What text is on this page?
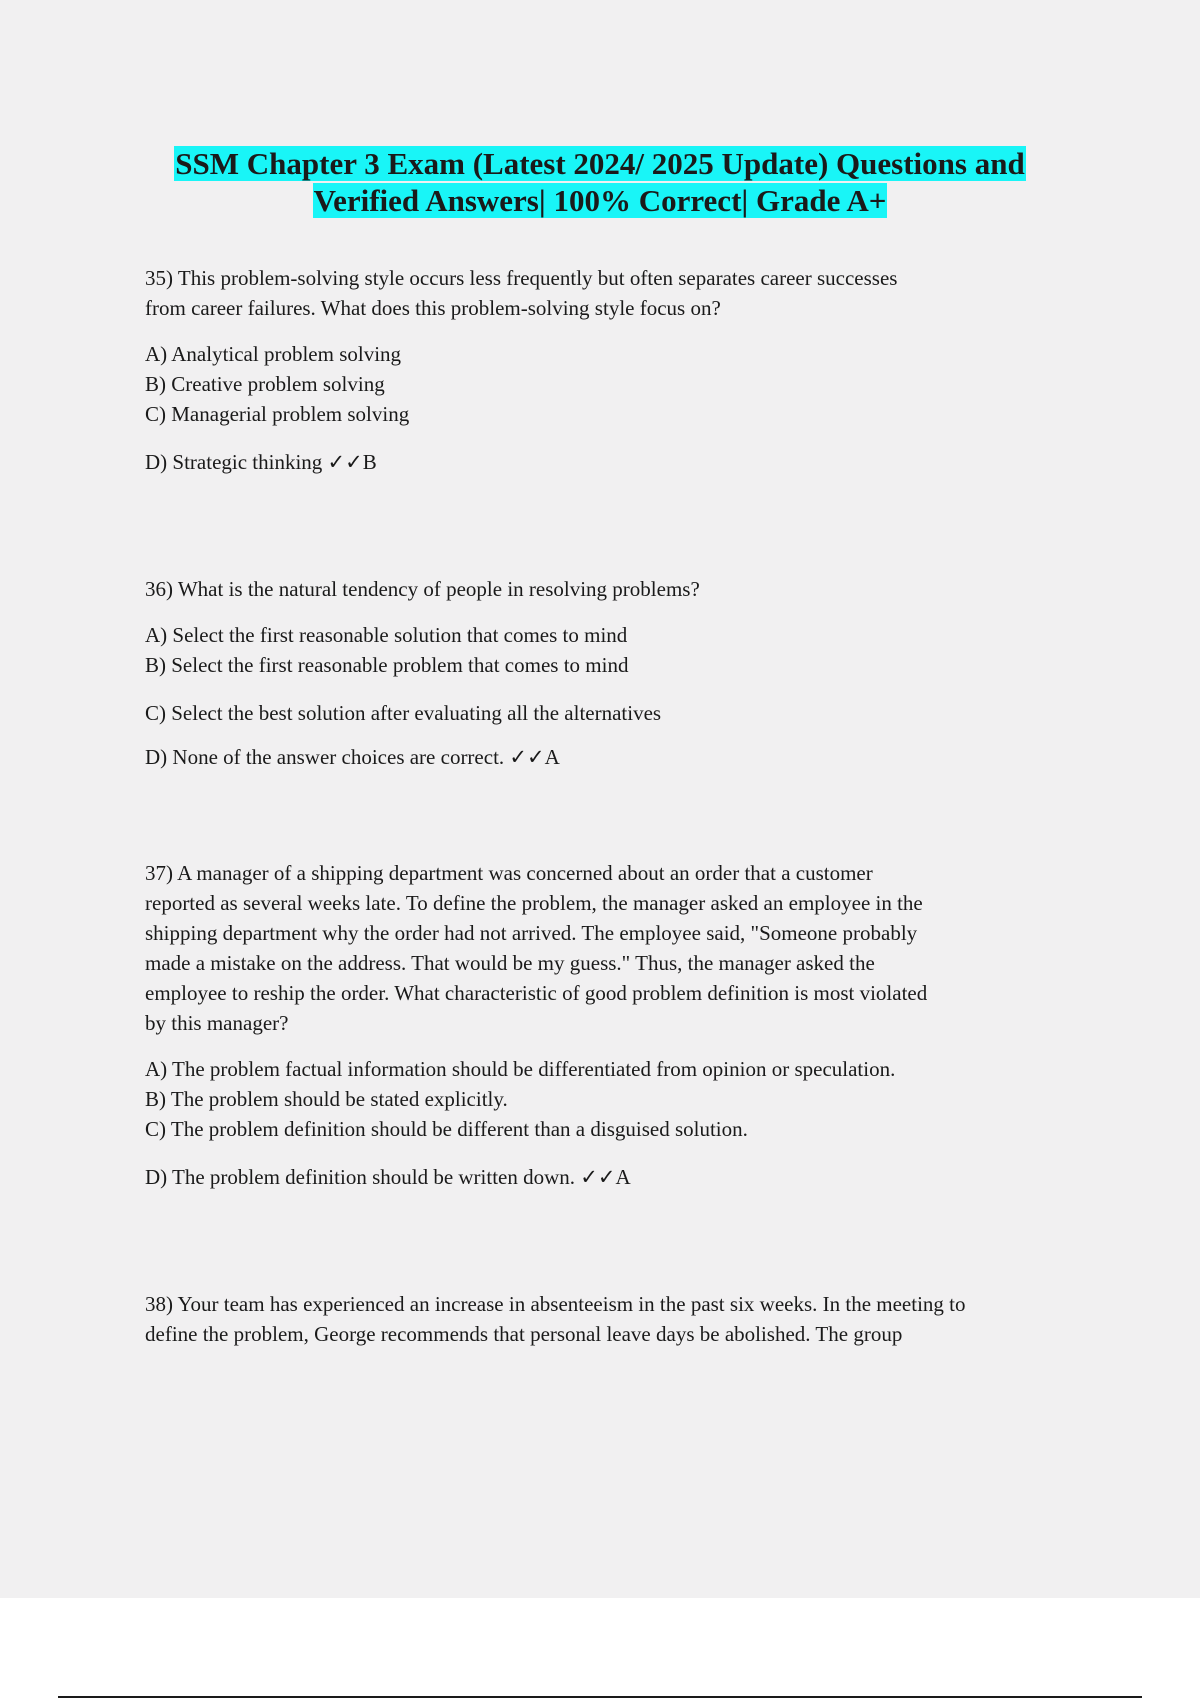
SSM Chapter 3 Exam (Latest 2024/ 2025 Update) Questions and
Verified Answers| 100% Correct| Grade A+

35) This problem-solving style occurs less frequently but often separates career successes

from career failures. What does this problem-solving style focus on?

A) Analytical problem solving

B) Creative problem solving

C) Managerial problem solving

D) Strategic thinking ✓✓B

36) What is the natural tendency of people in resolving problems?

A) Select the first reasonable solution that comes to mind

B) Select the first reasonable problem that comes to mind

C) Select the best solution after evaluating all the alternatives

D) None of the answer choices are correct. ✓✓A

37) A manager of a shipping department was concerned about an order that a customer

reported as several weeks late. To define the problem, the manager asked an employee in the

shipping department why the order had not arrived. The employee said, "Someone probably

made a mistake on the address. That would be my guess." Thus, the manager asked the

employee to reship the order. What characteristic of good problem definition is most violated

by this manager?

A) The problem factual information should be differentiated from opinion or speculation.

B) The problem should be stated explicitly.

C) The problem definition should be different than a disguised solution.

D) The problem definition should be written down. ✓✓A

38) Your team has experienced an increase in absenteeism in the past six weeks. In the meeting to

define the problem, George recommends that personal leave days be abolished. The group
